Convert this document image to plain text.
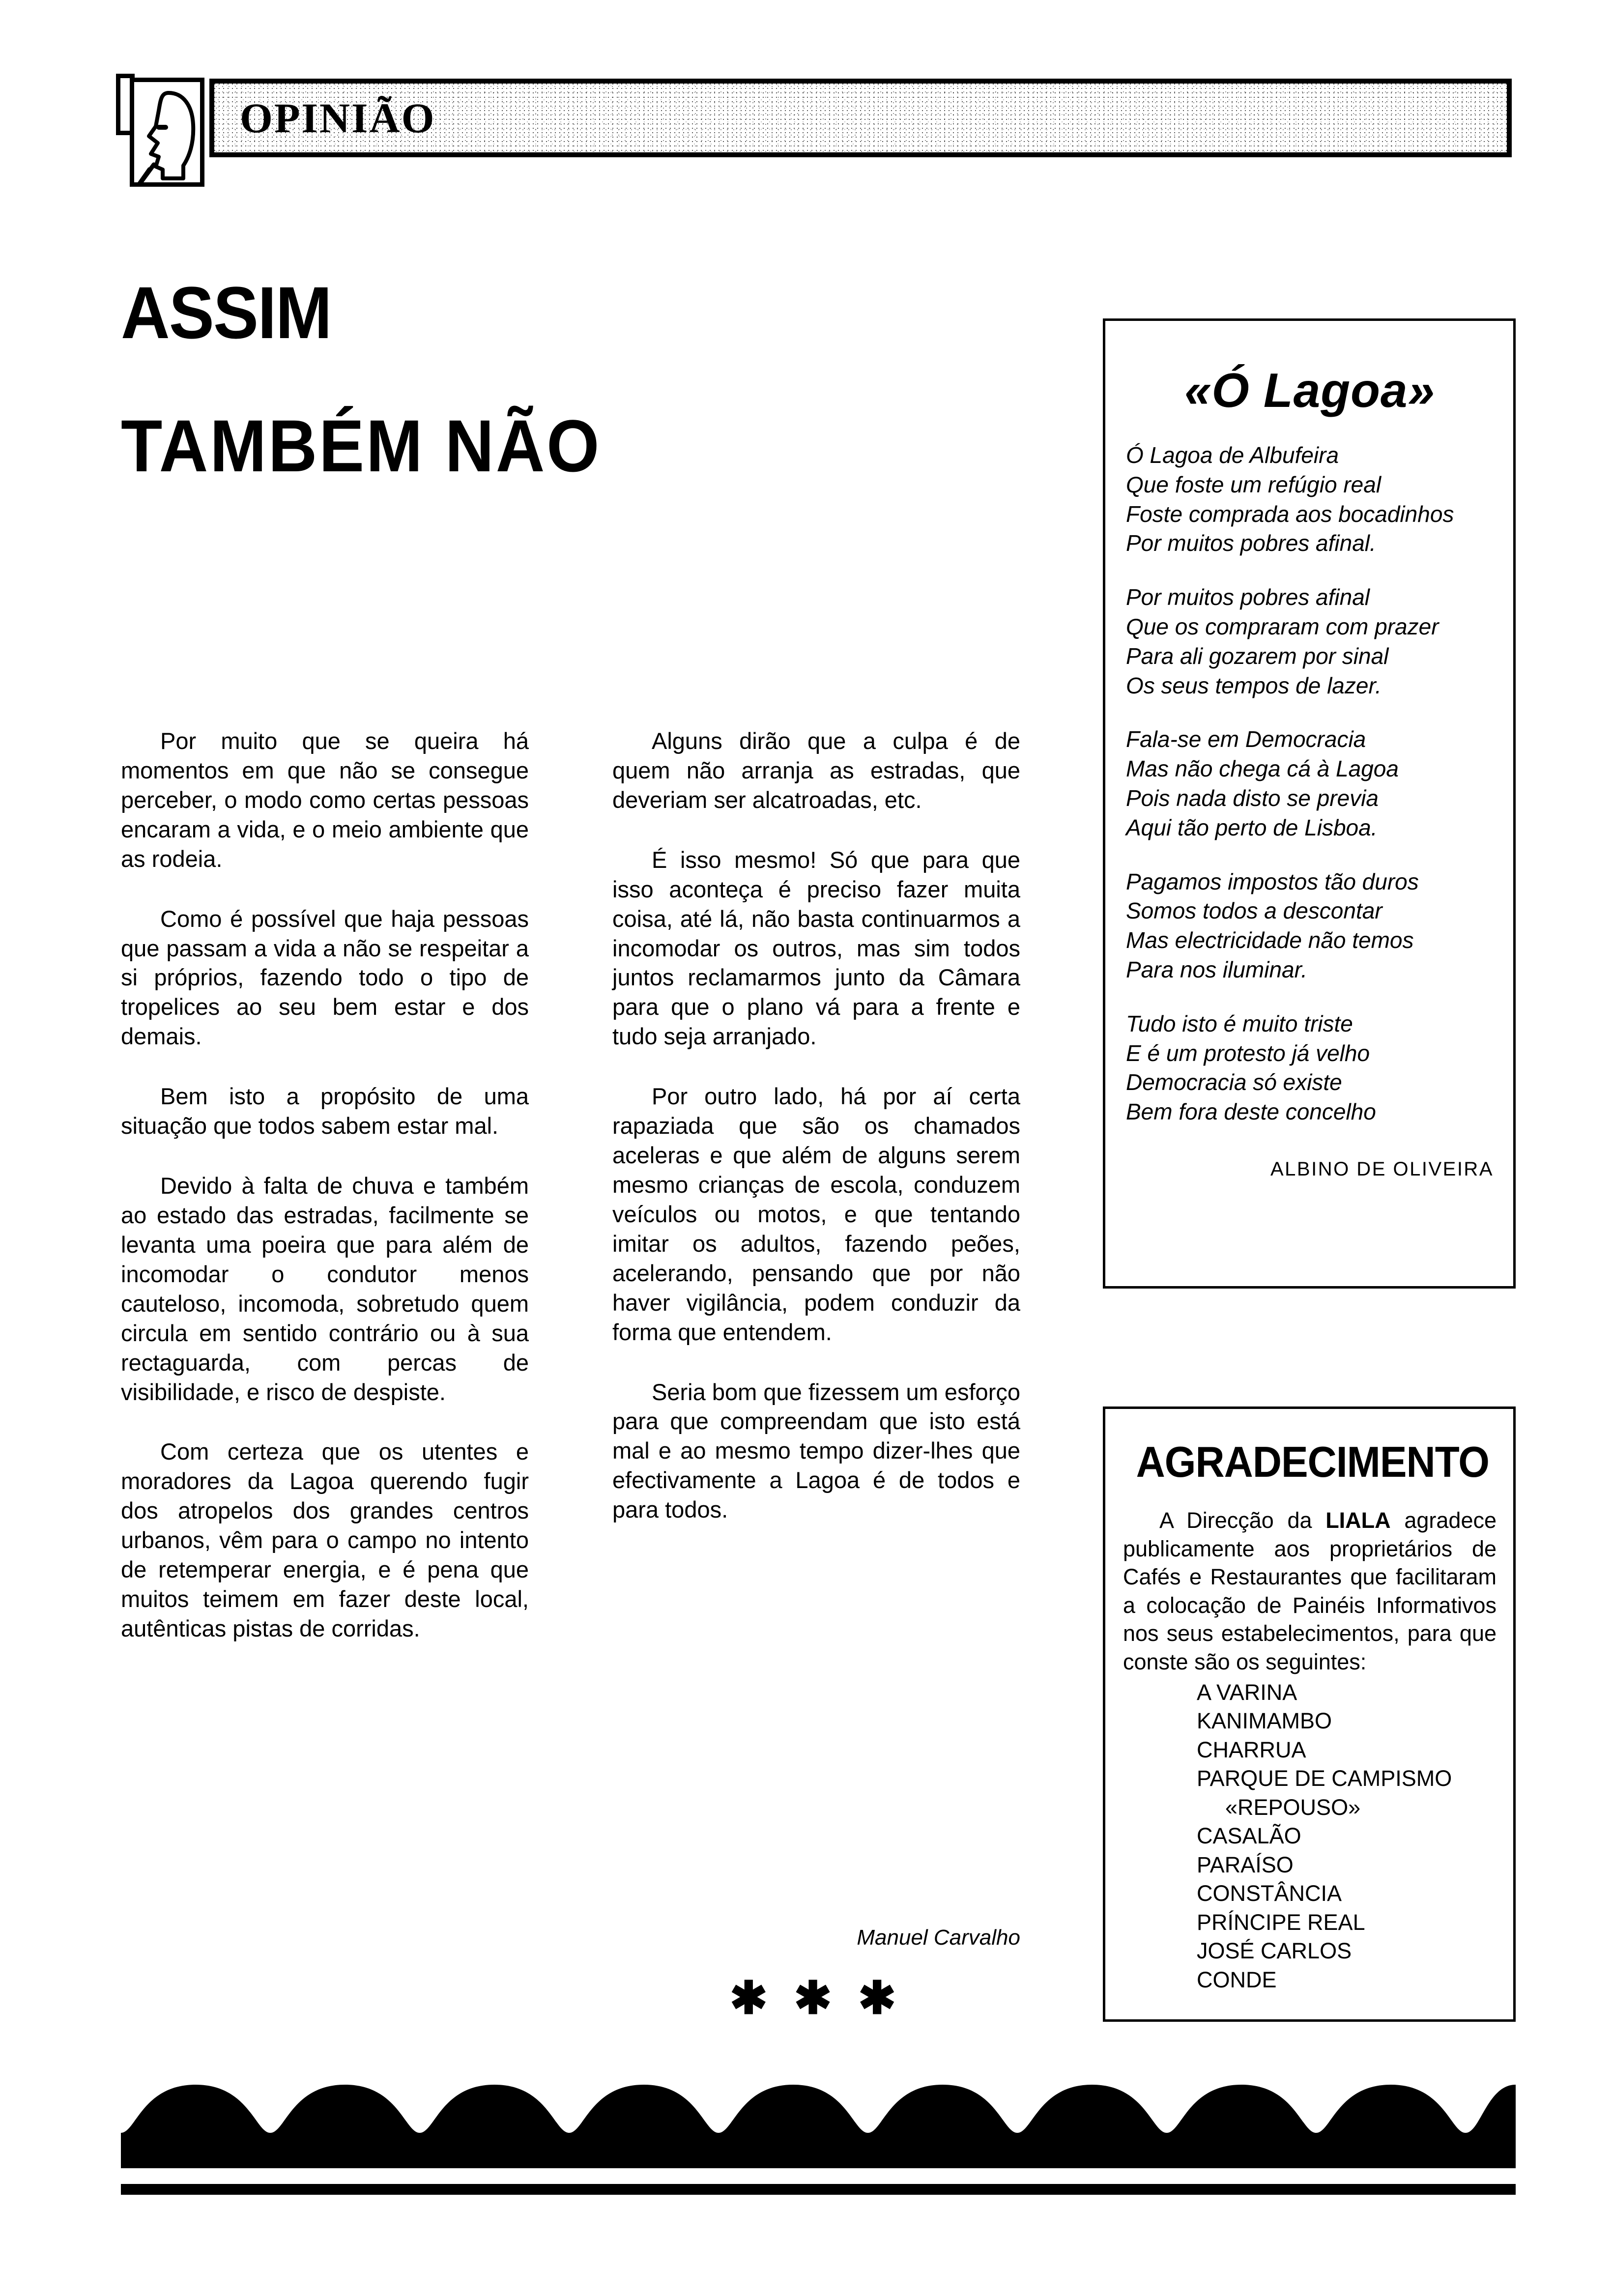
OPINIÃO
ASSIM
TAMBÉM NÃO

Por muito que se queira há momentos em que não se consegue perceber, o modo como certas pessoas encaram a vida, e o meio ambiente que as rodeia.

Como é possível que haja pessoas que passam a vida a não se respeitar a si próprios, fazendo todo o tipo de tropelices ao seu bem estar e dos demais.

Bem isto a propósito de uma situação que todos sabem estar mal.

Devido à falta de chuva e também ao estado das estradas, facilmente se levanta uma poeira que para além de incomodar o condutor menos cauteloso, incomoda, sobretudo quem circula em sentido contrário ou à sua rectaguarda, com percas de visibilidade, e risco de despiste.

Com certeza que os utentes e moradores da Lagoa querendo fugir dos atropelos dos grandes centros urbanos, vêm para o campo no intento de retemperar energia, e é pena que muitos teimem em fazer deste local, autênticas pistas de corridas.

Alguns dirão que a culpa é de quem não arranja as estradas, que deveriam ser alcatroadas, etc.

É isso mesmo! Só que para que isso aconteça é preciso fazer muita coisa, até lá, não basta continuarmos a incomodar os outros, mas sim todos juntos reclamarmos junto da Câmara para que o plano vá para a frente e tudo seja arranjado.

Por outro lado, há por aí certa rapaziada que são os chamados aceleras e que além de alguns serem mesmo crianças de escola, conduzem veículos ou motos, e que tentando imitar os adultos, fazendo peões, acelerando, pensando que por não haver vigilância, podem conduzir da forma que entendem.

Seria bom que fizessem um esforço para que compreendam que isto está mal e ao mesmo tempo dizer-lhes que efectivamente a Lagoa é de todos e para todos.

Manuel Carvalho
✱ ✱ ✱
«Ó Lagoa»
Ó Lagoa de Albufeira
Que foste um refúgio real
Foste comprada aos bocadinhos
Por muitos pobres afinal.
Por muitos pobres afinal
Que os compraram com prazer
Para ali gozarem por sinal
Os seus tempos de lazer.
Fala-se em Democracia
Mas não chega cá à Lagoa
Pois nada disto se previa
Aqui tão perto de Lisboa.
Pagamos impostos tão duros
Somos todos a descontar
Mas electricidade não temos
Para nos iluminar.
Tudo isto é muito triste
E é um protesto já velho
Democracia só existe
Bem fora deste concelho
ALBINO DE OLIVEIRA
AGRADECIMENTO

A Direcção da LIALA agradece publicamente aos proprietários de Cafés e Restaurantes que facilitaram a colocação de Painéis Informativos nos seus estabelecimentos, para que conste são os seguintes:

A VARINA
KANIMAMBO
CHARRUA
PARQUE DE CAMPISMO
«REPOUSO»
CASALÃO
PARAÍSO
CONSTÂNCIA
PRÍNCIPE REAL
JOSÉ CARLOS
CONDE
